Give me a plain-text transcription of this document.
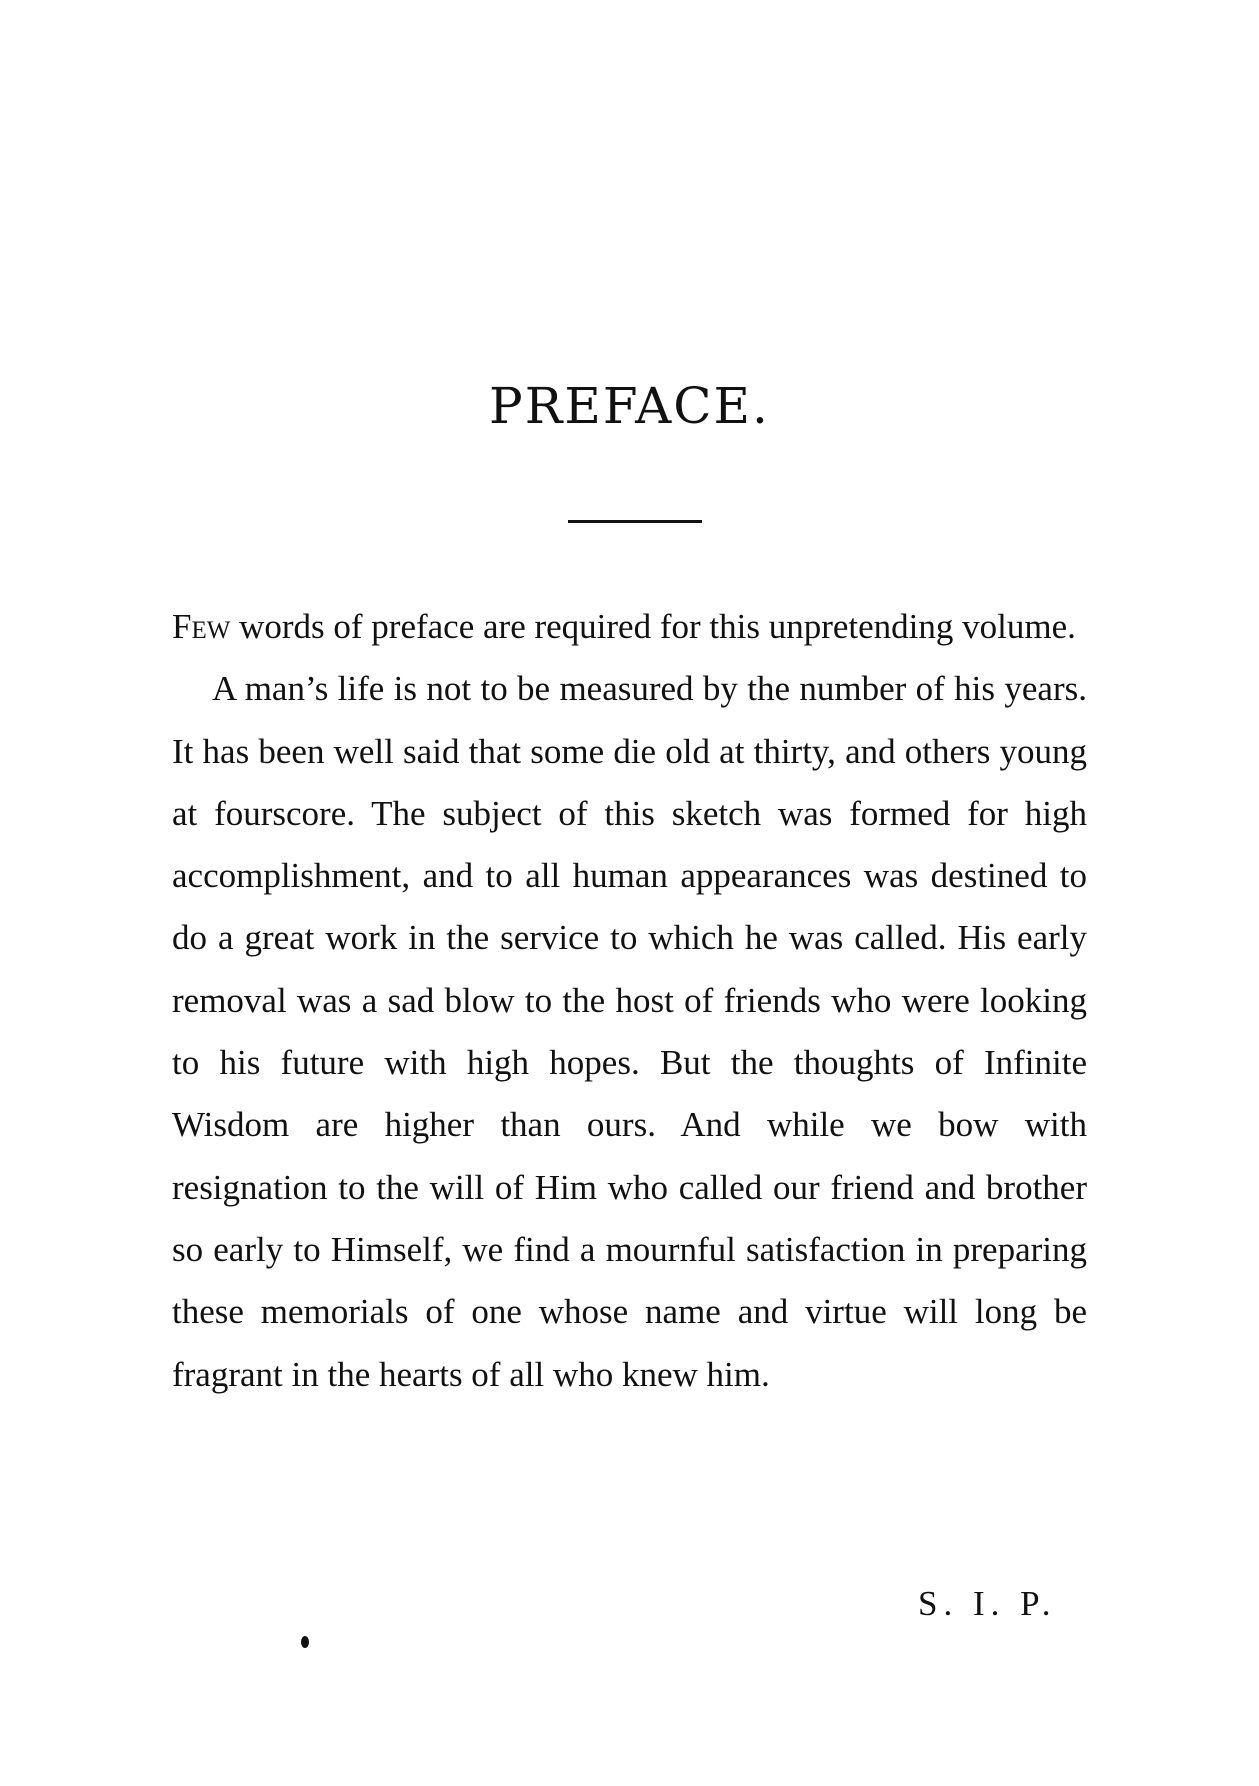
PREFACE.

Few words of preface are required for this unpretending volume.

A man’s life is not to be measured by the number of his years. It has been well said that some die old at thirty, and others young at fourscore. The subject of this sketch was formed for high accomplishment, and to all human appearances was destined to do a great work in the service to which he was called. His early removal was a sad blow to the host of friends who were looking to his future with high hopes. But the thoughts of Infinite Wisdom are higher than ours. And while we bow with resignation to the will of Him who called our friend and brother so early to Himself, we find a mournful satisfaction in preparing these memorials of one whose name and virtue will long be fragrant in the hearts of all who knew him.

S. I. P.
